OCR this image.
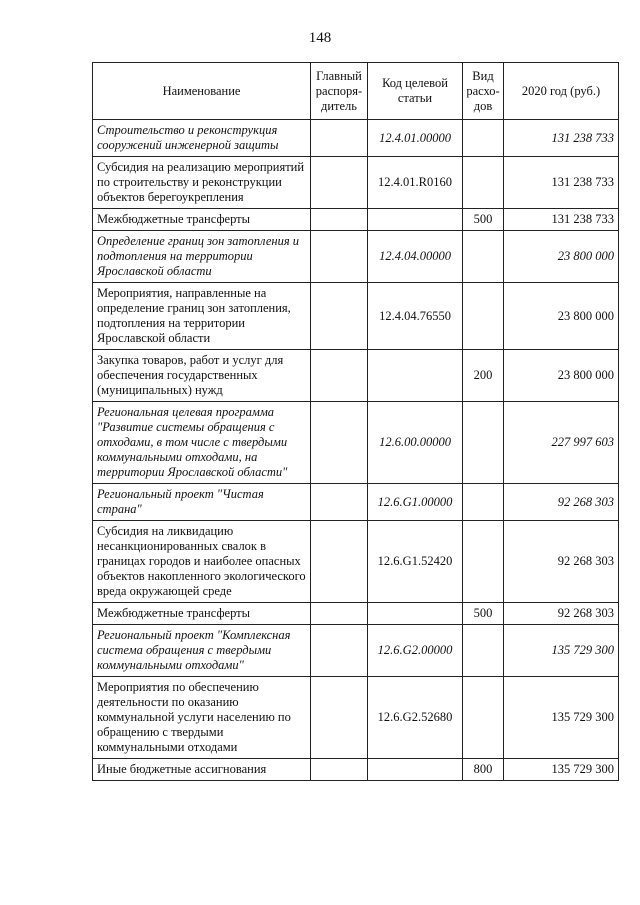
148
Наименование	Главный распоря-дитель	Код целевой статьи	Вид расхо-дов	2020 год (руб.)
Строительство и реконструкция сооружений инженерной защиты		12.4.01.00000		131 238 733
Субсидия на реализацию мероприятий по строительству и реконструкции объектов берегоукрепления		12.4.01.R0160		131 238 733
Межбюджетные трансферты			500	131 238 733
Определение границ зон затопления и подтопления на территории Ярославской области		12.4.04.00000		23 800 000
Мероприятия, направленные на определение границ зон затопления, подтопления на территории Ярославской области		12.4.04.76550		23 800 000
Закупка товаров, работ и услуг для обеспечения государственных (муниципальных) нужд			200	23 800 000
Региональная целевая программа "Развитие системы обращения с отходами, в том числе с твердыми коммунальными отходами, на территории Ярославской области"		12.6.00.00000		227 997 603
Региональный проект "Чистая страна"		12.6.G1.00000		92 268 303
Субсидия на ликвидацию несанкционированных свалок в границах городов и наиболее опасных объектов накопленного экологического вреда окружающей среде		12.6.G1.52420		92 268 303
Межбюджетные трансферты			500	92 268 303
Региональный проект "Комплексная система обращения с твердыми коммунальными отходами"		12.6.G2.00000		135 729 300
Мероприятия по обеспечению деятельности по оказанию коммунальной услуги населению по обращению с твердыми коммунальными отходами		12.6.G2.52680		135 729 300
Иные бюджетные ассигнования			800	135 729 300
